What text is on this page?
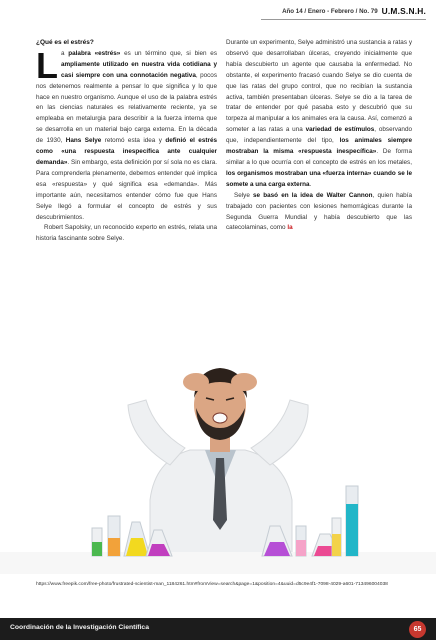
Año 14 / Enero - Febrero / No. 79 U.M.S.N.H.

¿Qué es el estrés?

La palabra «estrés» es un término que, si bien es ampliamente utilizado en nuestra vida cotidiana y casi siempre con una connotación negativa, pocos nos detenemos realmente a pensar lo que significa y lo que hace en nuestro organismo. Aunque el uso de la palabra estrés en las ciencias naturales es relativamente reciente, ya se empleaba en metalurgia para describir a la fuerza interna que se desarrolla en un material bajo carga externa. En la década de 1930, Hans Selye retomó esta idea y definió el estrés como «una respuesta inespecífica ante cualquier demanda». Sin embargo, esta definición por sí sola no es clara. Para comprenderla plenamente, debemos entender qué implica esa «respuesta» y qué significa esa «demanda». Más importante aún, necesitamos entender cómo fue que Hans Selye llegó a formular el concepto de estrés y sus descubrimientos.

Robert Sapolsky, un reconocido experto en estrés, relata una historia fascinante sobre Selye.

Durante un experimento, Selye administró una sustancia a ratas y observó que desarrollaban úlceras, creyendo inicialmente que había descubierto un agente que causaba la enfermedad. No obstante, el experimento fracasó cuando Selye se dio cuenta de que las ratas del grupo control, que no recibían la sustancia activa, también presentaban úlceras. Selye se dio a la tarea de tratar de entender por qué pasaba esto y descubrió que su torpeza al manipular a los animales era la causa. Así, comenzó a someter a las ratas a una variedad de estímulos, observando que, independientemente del tipo, los animales siempre mostraban la misma «respuesta inespecífica». De forma similar a lo que ocurría con el concepto de estrés en los metales, los organismos mostraban una «fuerza interna» cuando se le somete a una carga externa.

Selye se basó en la idea de Walter Cannon, quien había trabajado con pacientes con lesiones hemorrágicas durante la Segunda Guerra Mundial y había descubierto que las catecolaminas, como la

https://www.freepik.com/free-photo/frustrated-scientist-man_1184261.htm#fromView=search&page=1&position=4&uuid=d5c9e4f1-7098-4029-a601-713496004038
Coordinación de la Investigación Científica	65
